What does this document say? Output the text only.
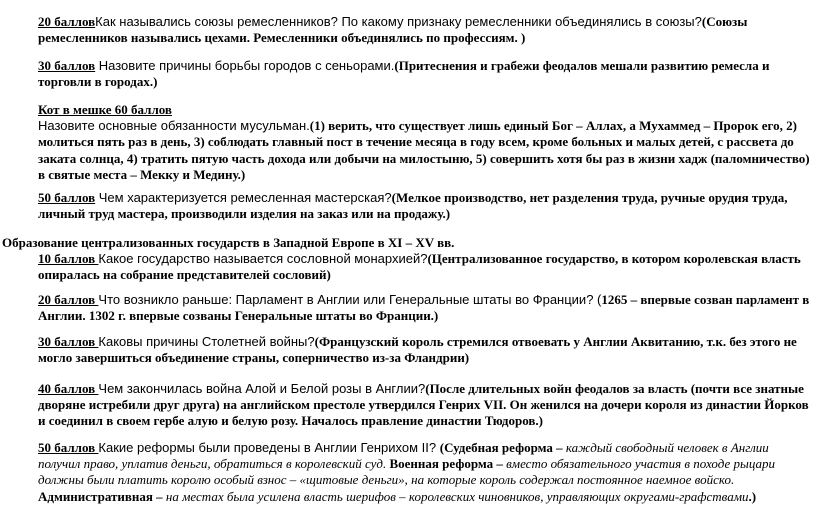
20 балловКак назывались союзы ремесленников? По какому признаку ремесленники объединялись в союзы?(Союзы ремесленников назывались цехами. Ремесленники объединялись по профессиям. )
30 баллов Назовите причины борьбы городов с сеньорами.(Притеснения и грабежи феодалов мешали развитию ремесла и торговли в городах.)
Кот в мешке 60 баллов
Назовите основные обязанности мусульман.(1) верить, что существует лишь единый Бог – Аллах, а Мухаммед – Пророк его, 2) молиться пять раз в день, 3) соблюдать главный пост в течение месяца в году всем, кроме больных и малых детей, с рассвета до заката солнца, 4) тратить пятую часть дохода или добычи на милостыню, 5) совершить хотя бы раз в жизни хадж (паломничество) в святые места – Мекку и Медину.)
50 баллов Чем характеризуется ремесленная мастерская?(Мелкое производство, нет разделения труда, ручные орудия труда, личный труд мастера, производили изделия на заказ или на продажу.)
Образование централизованных государств в Западной Европе в XI – XV вв.
10 баллов Какое государство называется сословной монархией?(Централизованное государство, в котором королевская власть опиралась на собрание представителей сословий)
20 баллов Что возникло раньше: Парламент в Англии или Генеральные штаты во Франции? (1265 – впервые созван парламент в Англии. 1302 г. впервые созваны Генеральные штаты во Франции.)
30 баллов Каковы причины Столетней войны?(Французский король стремился отвоевать у Англии Аквитанию, т.к. без этого не могло завершиться объединение страны, соперничество из-за Фландрии)
40 баллов Чем закончилась война Алой и Белой розы в Англии?(После длительных войн феодалов за власть (почти все знатные дворяне истребили друг друга) на английском престоле утвердился Генрих VII. Он женился на дочери короля из династии Йорков и соединил в своем гербе алую и белую розу. Началось правление династии Тюдоров.)
50 баллов Какие реформы были проведены в Англии Генрихом II? (Судебная реформа – каждый свободный человек в Англии получил право, уплатив деньги, обратиться в королевский суд. Военная реформа – вместо обязательного участия в походе рыцари должны были платить королю особый взнос – «щитовые деньги», на которые король содержал постоянное наемное войско. Административная – на местах была усилена власть шерифов – королевских чиновников, управляющих округами-графствами.)
